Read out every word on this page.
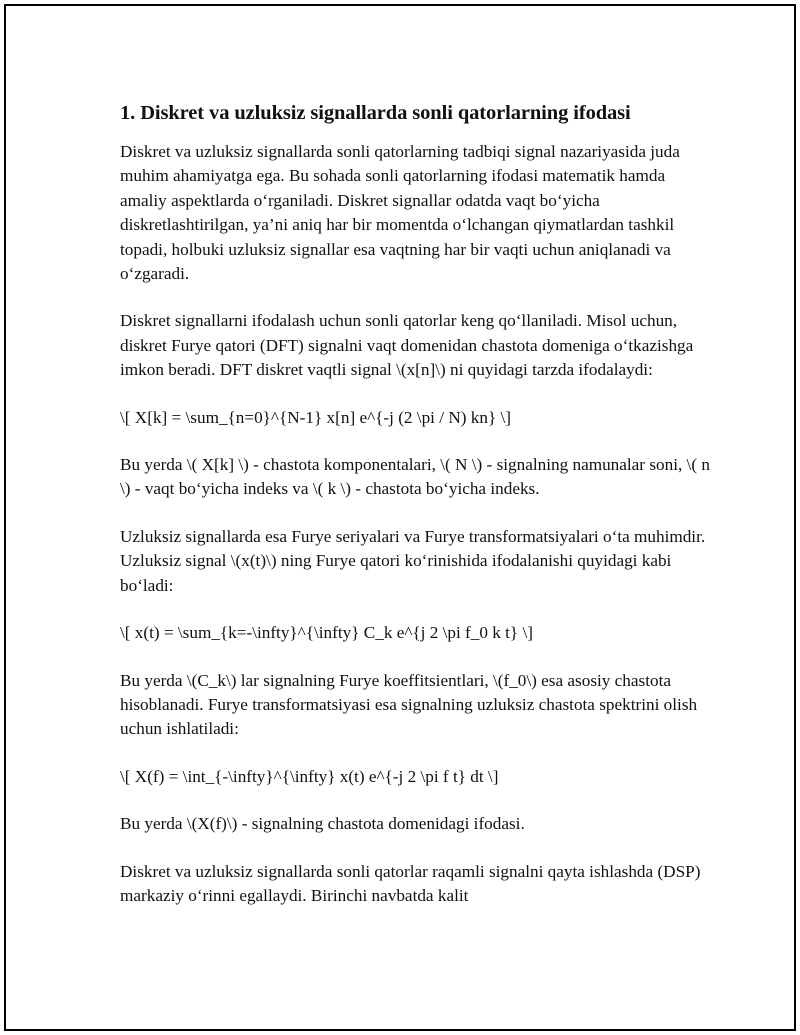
1. Diskret va uzluksiz signallarda sonli qatorlarning ifodasi

Diskret va uzluksiz signallarda sonli qatorlarning tadbiqi signal nazariyasida juda muhim ahamiyatga ega. Bu sohada sonli qatorlarning ifodasi matematik hamda amaliy aspektlarda o‘rganiladi. Diskret signallar odatda vaqt bo‘yicha diskretlashtirilgan, ya’ni aniq har bir momentda o‘lchangan qiymatlardan tashkil topadi, holbuki uzluksiz signallar esa vaqtning har bir vaqti uchun aniqlanadi va o‘zgaradi.

Diskret signallarni ifodalash uchun sonli qatorlar keng qo‘llaniladi. Misol uchun, diskret Furye qatori (DFT) signalni vaqt domenidan chastota domeniga o‘tkazishga imkon beradi. DFT diskret vaqtli signal \(x[n]\) ni quyidagi tarzda ifodalaydi:

\[ X[k] = \sum_{n=0}^{N-1} x[n] e^{-j (2 \pi / N) kn} \]

Bu yerda \( X[k] \) - chastota komponentalari, \( N \) - signalning namunalar soni, \( n \) - vaqt bo‘yicha indeks va \( k \) - chastota bo‘yicha indeks.

Uzluksiz signallarda esa Furye seriyalari va Furye transformatsiyalari o‘ta muhimdir. Uzluksiz signal \(x(t)\) ning Furye qatori ko‘rinishida ifodalanishi quyidagi kabi bo‘ladi:

\[ x(t) = \sum_{k=-\infty}^{\infty} C_k e^{j 2 \pi f_0 k t} \]

Bu yerda \(C_k\) lar signalning Furye koeffitsientlari, \(f_0\) esa asosiy chastota hisoblanadi. Furye transformatsiyasi esa signalning uzluksiz chastota spektrini olish uchun ishlatiladi:

\[ X(f) = \int_{-\infty}^{\infty} x(t) e^{-j 2 \pi f t} dt \]

Bu yerda \(X(f)\) - signalning chastota domenidagi ifodasi.

Diskret va uzluksiz signallarda sonli qatorlar raqamli signalni qayta ishlashda (DSP) markaziy o‘rinni egallaydi. Birinchi navbatda kalit
